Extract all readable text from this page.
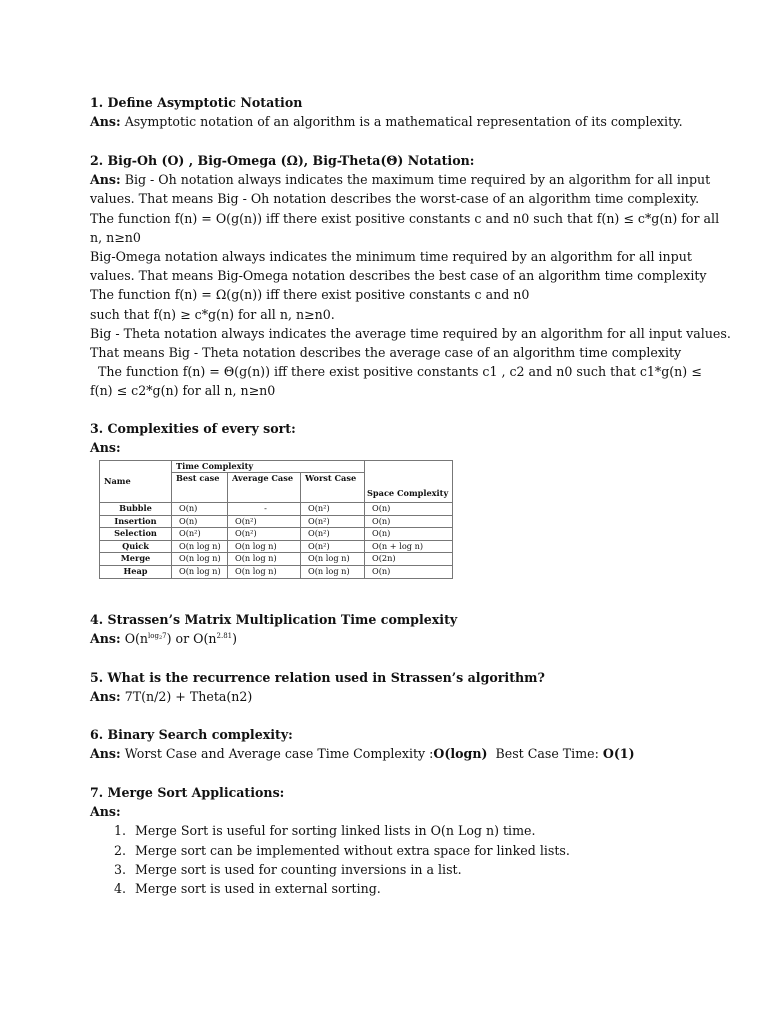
1. Define Asymptotic Notation

Ans: Asymptotic notation of an algorithm is a mathematical representation of its complexity.

2. Big-Oh (O) , Big-Omega (Ω), Big-Theta(Θ) Notation:

Ans: Big - Oh notation always indicates the maximum time required by an algorithm for all input

values. That means Big - Oh notation describes the worst-case of an algorithm time complexity.

The function f(n) = O(g(n)) iff there exist positive constants c and n0 such that f(n) ≤ c*g(n) for all

n, n≥n0

Big-Omega notation always indicates the minimum time required by an algorithm for all input

values. That means Big-Omega notation describes the best case of an algorithm time complexity

The function f(n) = Ω(g(n)) iff there exist positive constants c and n0

such that f(n) ≥ c*g(n) for all n, n≥n0.

Big - Theta notation always indicates the average time required by an algorithm for all input values.

That means Big - Theta notation describes the average case of an algorithm time complexity

The function f(n) = Θ(g(n)) iff there exist positive constants c1 , c2 and n0 such that c1*g(n) ≤

f(n) ≤ c2*g(n) for all n, n≥n0

3. Complexities of every sort:

Ans:

4. Strassen’s Matrix Multiplication Time complexity

Ans: $O(n^{log_27})$ or $O(n^{2.81})$

5. What is the recurrence relation used in Strassen’s algorithm?

Ans: 7T(n/2) + Theta(n2)

6. Binary Search complexity:

Ans: Worst Case and Average case Time Complexity :O(logn) Best Case Time: O(1)

7. Merge Sort Applications:

Ans:

1. Merge Sort is useful for sorting linked lists in O(n Log n) time.
2. Merge sort can be implemented without extra space for linked lists.
3. Merge sort is used for counting inversions in a list.
4. Merge sort is used in external sorting.
Name	Time Complexity			Space Complexity
	Best case	Average Case	Worst Case	
Bubble	O(n)	-	O(n²)	O(n)
Insertion	O(n)	O(n²)	O(n²)	O(n)
Selection	O(n²)	O(n²)	O(n²)	O(n)
Quick	O(n log n)	O(n log n)	O(n²)	O(n + log n)
Merge	O(n log n)	O(n log n)	O(n log n)	O(2n)
Heap	O(n log n)	O(n log n)	O(n log n)	O(n)
